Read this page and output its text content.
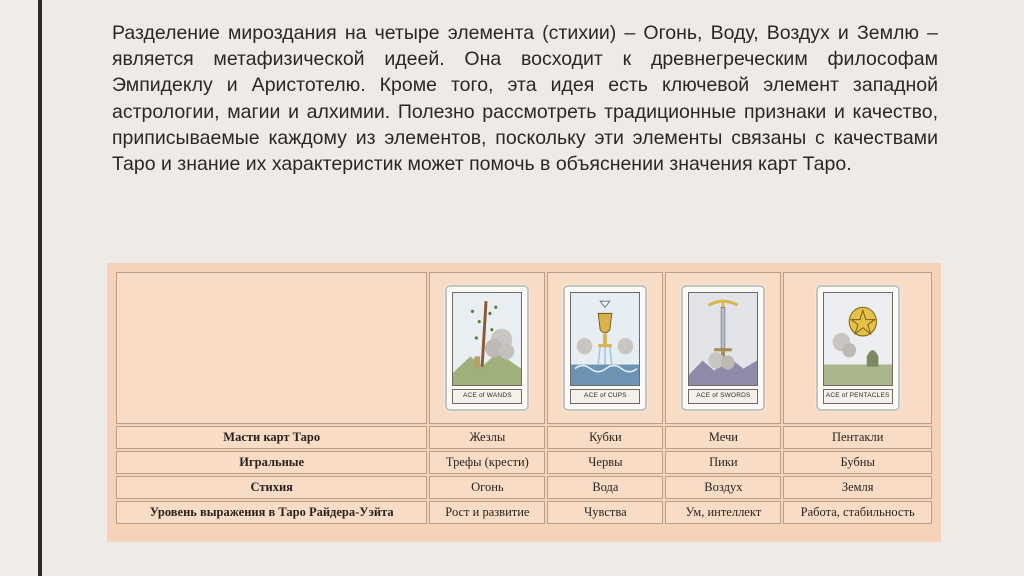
Разделение мироздания на четыре элемента (стихии) – Огонь, Воду, Воздух и Землю – является метафизической идеей. Она восходит к древнегреческим философам Эмпидеклу и Аристотелю. Кроме того, эта идея есть ключевой элемент западной астрологии, магии и алхимии. Полезно рассмотреть традиционные признаки и качество, приписываемые каждому из элементов, поскольку эти элементы связаны с качествами Таро и знание их характеристик может помочь в объяснении значения карт Таро.

	ACE of WANDS	ACE of CUPS	ACE of SWORDS	ACE of PENTACLES

Масти карт Таро	Жезлы	Кубки	Мечи	Пентакли
Игральные	Трефы (крести)	Червы	Пики	Бубны
Стихия	Огонь	Вода	Воздух	Земля
Уровень выражения в Таро Райдера-Уэйта	Рост и развитие	Чувства	Ум, интеллект	Работа, стабильность
